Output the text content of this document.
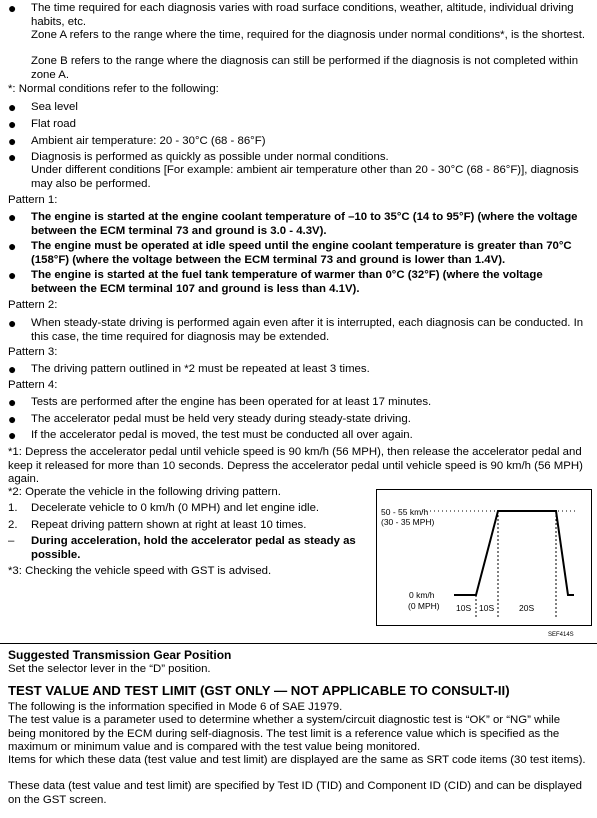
● The time required for each diagnosis varies with road surface conditions, weather, altitude, individual driving habits, etc.
Zone A refers to the range where the time, required for the diagnosis under normal conditions*, is the shortest.
Zone B refers to the range where the diagnosis can still be performed if the diagnosis is not completed within zone A.
*: Normal conditions refer to the following:
● Sea level
● Flat road
● Ambient air temperature: 20 - 30°C (68 - 86°F)
● Diagnosis is performed as quickly as possible under normal conditions.
Under different conditions [For example: ambient air temperature other than 20 - 30°C (68 - 86°F)], diagnosis may also be performed.
Pattern 1:
● The engine is started at the engine coolant temperature of –10 to 35°C (14 to 95°F) (where the voltage between the ECM terminal 73 and ground is 3.0 - 4.3V).
● The engine must be operated at idle speed until the engine coolant temperature is greater than 70°C (158°F) (where the voltage between the ECM terminal 73 and ground is lower than 1.4V).
● The engine is started at the fuel tank temperature of warmer than 0°C (32°F) (where the voltage between the ECM terminal 107 and ground is less than 4.1V).
Pattern 2:
● When steady-state driving is performed again even after it is interrupted, each diagnosis can be conducted. In this case, the time required for diagnosis may be extended.
Pattern 3:
● The driving pattern outlined in *2 must be repeated at least 3 times.
Pattern 4:
● Tests are performed after the engine has been operated for at least 17 minutes.
● The accelerator pedal must be held very steady during steady-state driving.
● If the accelerator pedal is moved, the test must be conducted all over again.
*1: Depress the accelerator pedal until vehicle speed is 90 km/h (56 MPH), then release the accelerator pedal and keep it released for more than 10 seconds. Depress the accelerator pedal until vehicle speed is 90 km/h (56 MPH) again.
*2: Operate the vehicle in the following driving pattern.
1. Decelerate vehicle to 0 km/h (0 MPH) and let engine idle.
2. Repeat driving pattern shown at right at least 10 times.
– During acceleration, hold the accelerator pedal as steady as possible.
*3: Checking the vehicle speed with GST is advised.
50 - 55 km/h
(30 - 35 MPH)
0 km/h
(0 MPH) 10S 10S	20S
SEF414S
Suggested Transmission Gear Position
Set the selector lever in the “D” position.
TEST VALUE AND TEST LIMIT (GST ONLY — NOT APPLICABLE TO CONSULT-II)
The following is the information specified in Mode 6 of SAE J1979.
The test value is a parameter used to determine whether a system/circuit diagnostic test is “OK” or “NG” while being monitored by the ECM during self-diagnosis. The test limit is a reference value which is specified as the maximum or minimum value and is compared with the test value being monitored.
Items for which these data (test value and test limit) are displayed are the same as SRT code items (30 test items).
These data (test value and test limit) are specified by Test ID (TID) and Component ID (CID) and can be displayed on the GST screen.
